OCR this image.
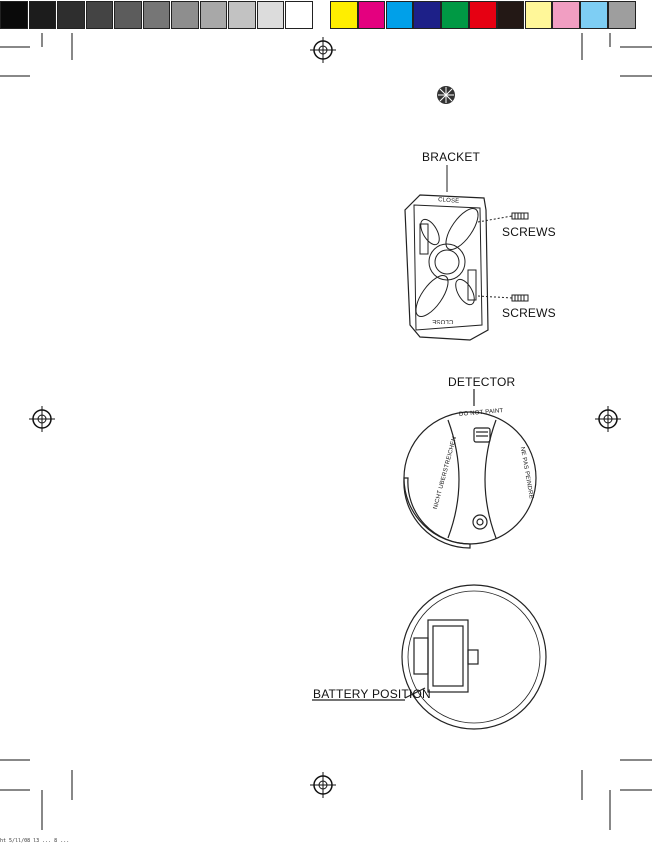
BRACKET
SCREWS
SCREWS
DETECTOR
BATTERY POSITION
CLOSE
CLOSE
DO NOT PAINT
NICHT UBERSTREICHEN	NE PAS PEINDRE
ht 5/ll/08 l3 ... 8 ...
